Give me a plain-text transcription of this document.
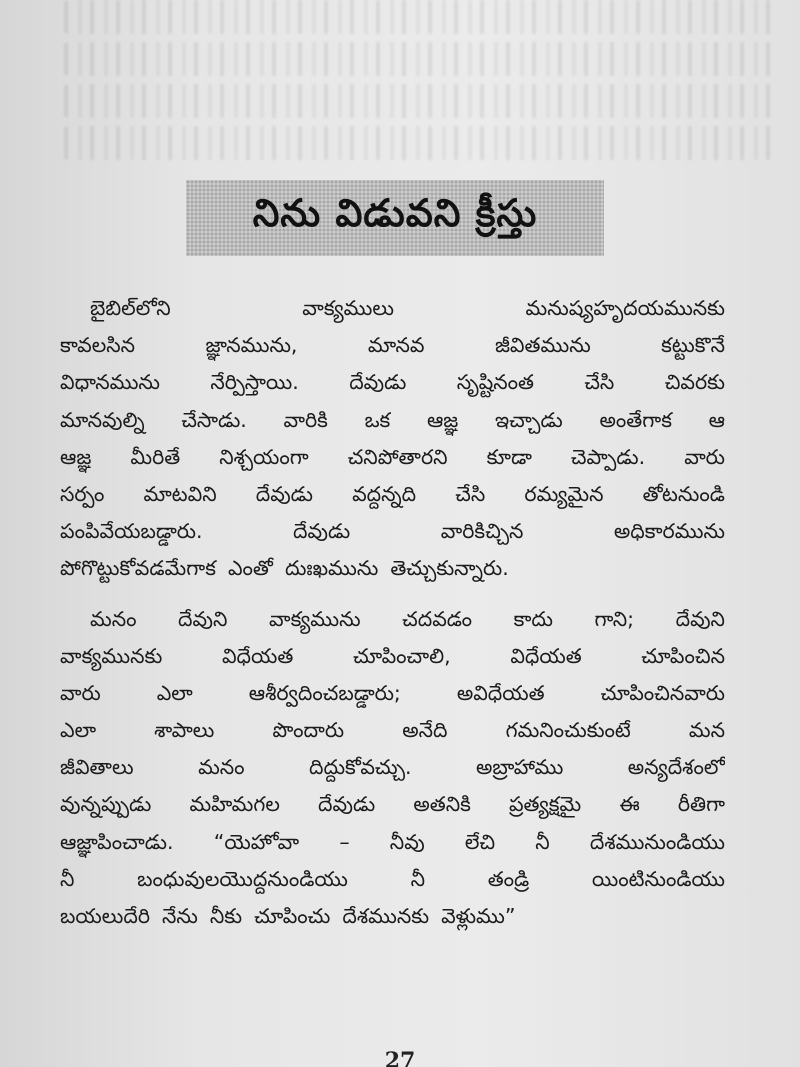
నిను విడువని క్రీస్తు
బైబిల్‌లోని	వాక్యములు	మనుష్యహృదయమునకు
కావలసిన	జ్ఞానమును,	మానవ	జీవితమును	కట్టుకొనే
విధానమును నేర్పిస్తాయి. దేవుడు సృష్టినంత చేసి చివరకు
మానవుల్ని చేసాడు. వారికి ఒక ఆజ్ఞ ఇచ్చాడు అంతేగాక ఆ
ఆజ్ఞ మీరితే నిశ్చయంగా చనిపోతారని కూడా చెప్పాడు. వారు
సర్పం మాటవిని దేవుడు వద్దన్నది చేసి రమ్యమైన తోటనుండి
పంపివేయబడ్డారు.	దేవుడు	వారికిచ్చిన	అధికారమును
పోగొట్టుకోవడమేగాక ఎంతో దుఃఖమును తెచ్చుకున్నారు.
మనం దేవుని వాక్యమును చదవడం కాదు గాని; దేవుని
వాక్యమునకు	విధేయత	చూపించాలి,	విధేయత	చూపించిన
వారు	ఎలా	ఆశీర్వదించబడ్డారు;	అవిధేయత	చూపించినవారు
ఎలా	శాపాలు	పొందారు	అనేది	గమనించుకుంటే	మన
జీవితాలు	మనం	దిద్దుకోవచ్చు.	అబ్రాహాము	అన్యదేశంలో
వున్నప్పుడు మహిమగల దేవుడు అతనికి ప్రత్యక్షమై ఈ రీతిగా
ఆజ్ఞాపించాడు. “యెహోవా – నీవు లేచి నీ దేశమునుండియు
నీ	బంధువులయొద్దనుండియు	నీ	తండ్రి	యింటినుండియు
బయలుదేరి నేను నీకు చూపించు దేశమునకు వెళ్లుము”
27
